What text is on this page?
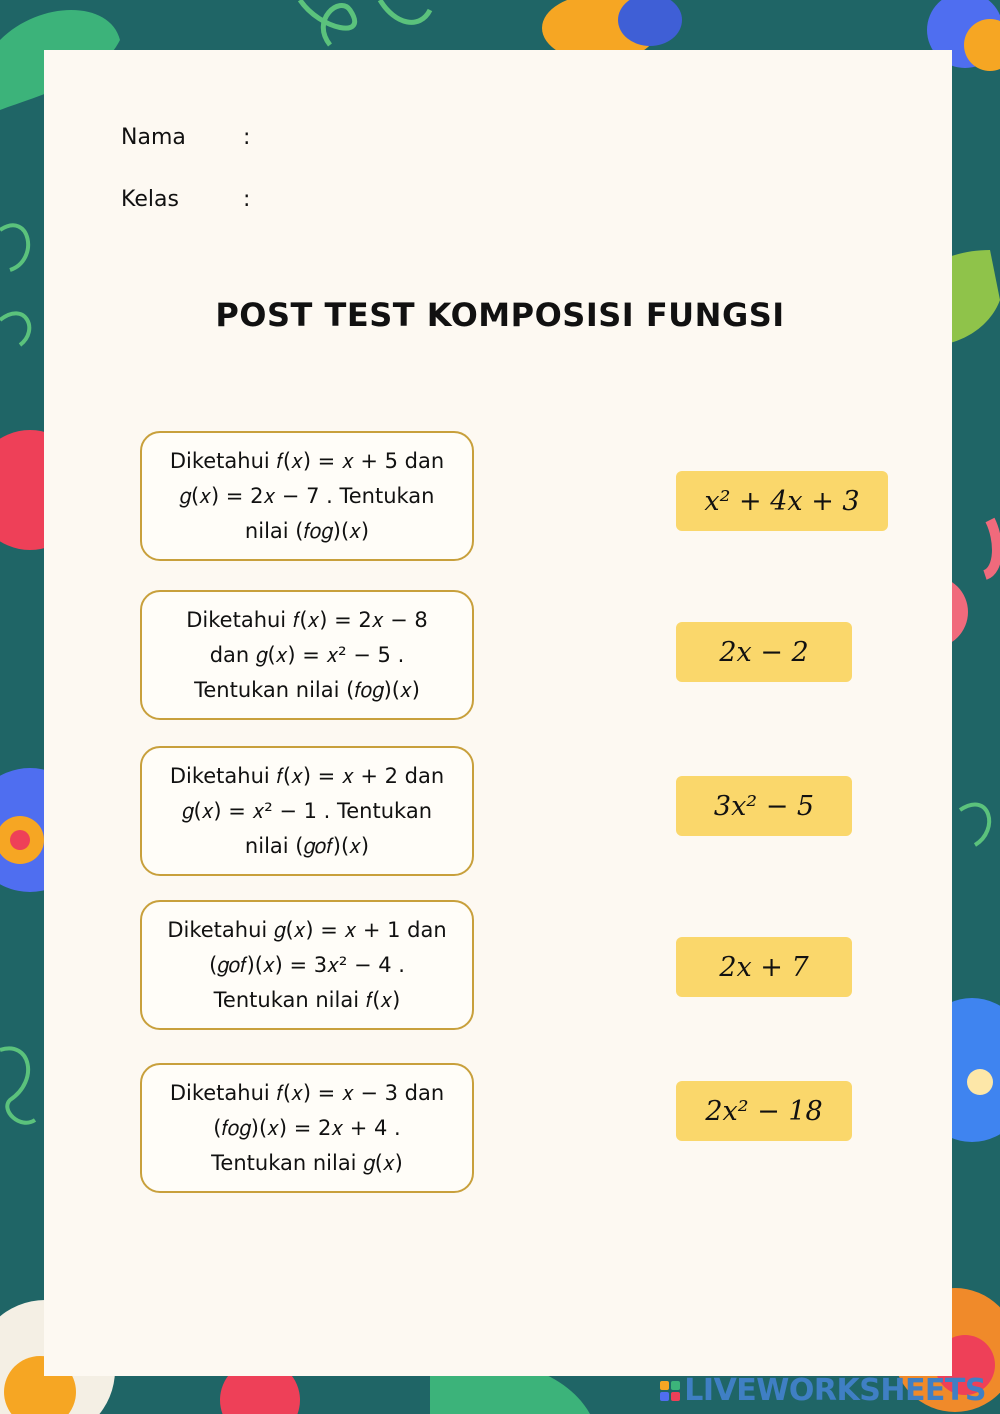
Nama	:
Kelas	:
POST TEST KOMPOSISI FUNGSI
Diketahui 𝑓(𝑥) = 𝑥 + 5 dan
𝑔(𝑥) = 2𝑥 − 7 . Tentukan
nilai (𝑓𝑜𝑔)(𝑥)
Diketahui 𝑓(𝑥) = 2𝑥 − 8
dan 𝑔(𝑥) = 𝑥² − 5 .
Tentukan nilai (𝑓𝑜𝑔)(𝑥)
Diketahui 𝑓(𝑥) = 𝑥 + 2 dan
𝑔(𝑥) = 𝑥² − 1 . Tentukan
nilai (𝑔𝑜𝑓)(𝑥)
Diketahui 𝑔(𝑥) = 𝑥 + 1 dan
(𝑔𝑜𝑓)(𝑥) = 3𝑥² − 4 .
Tentukan nilai 𝑓(𝑥)
Diketahui 𝑓(𝑥) = 𝑥 − 3 dan
(𝑓𝑜𝑔)(𝑥) = 2𝑥 + 4 .
Tentukan nilai 𝑔(𝑥)
x² + 4x + 3
2x − 2
3x² − 5
2x + 7
2x² − 18
LIVEWORKSHEETS
